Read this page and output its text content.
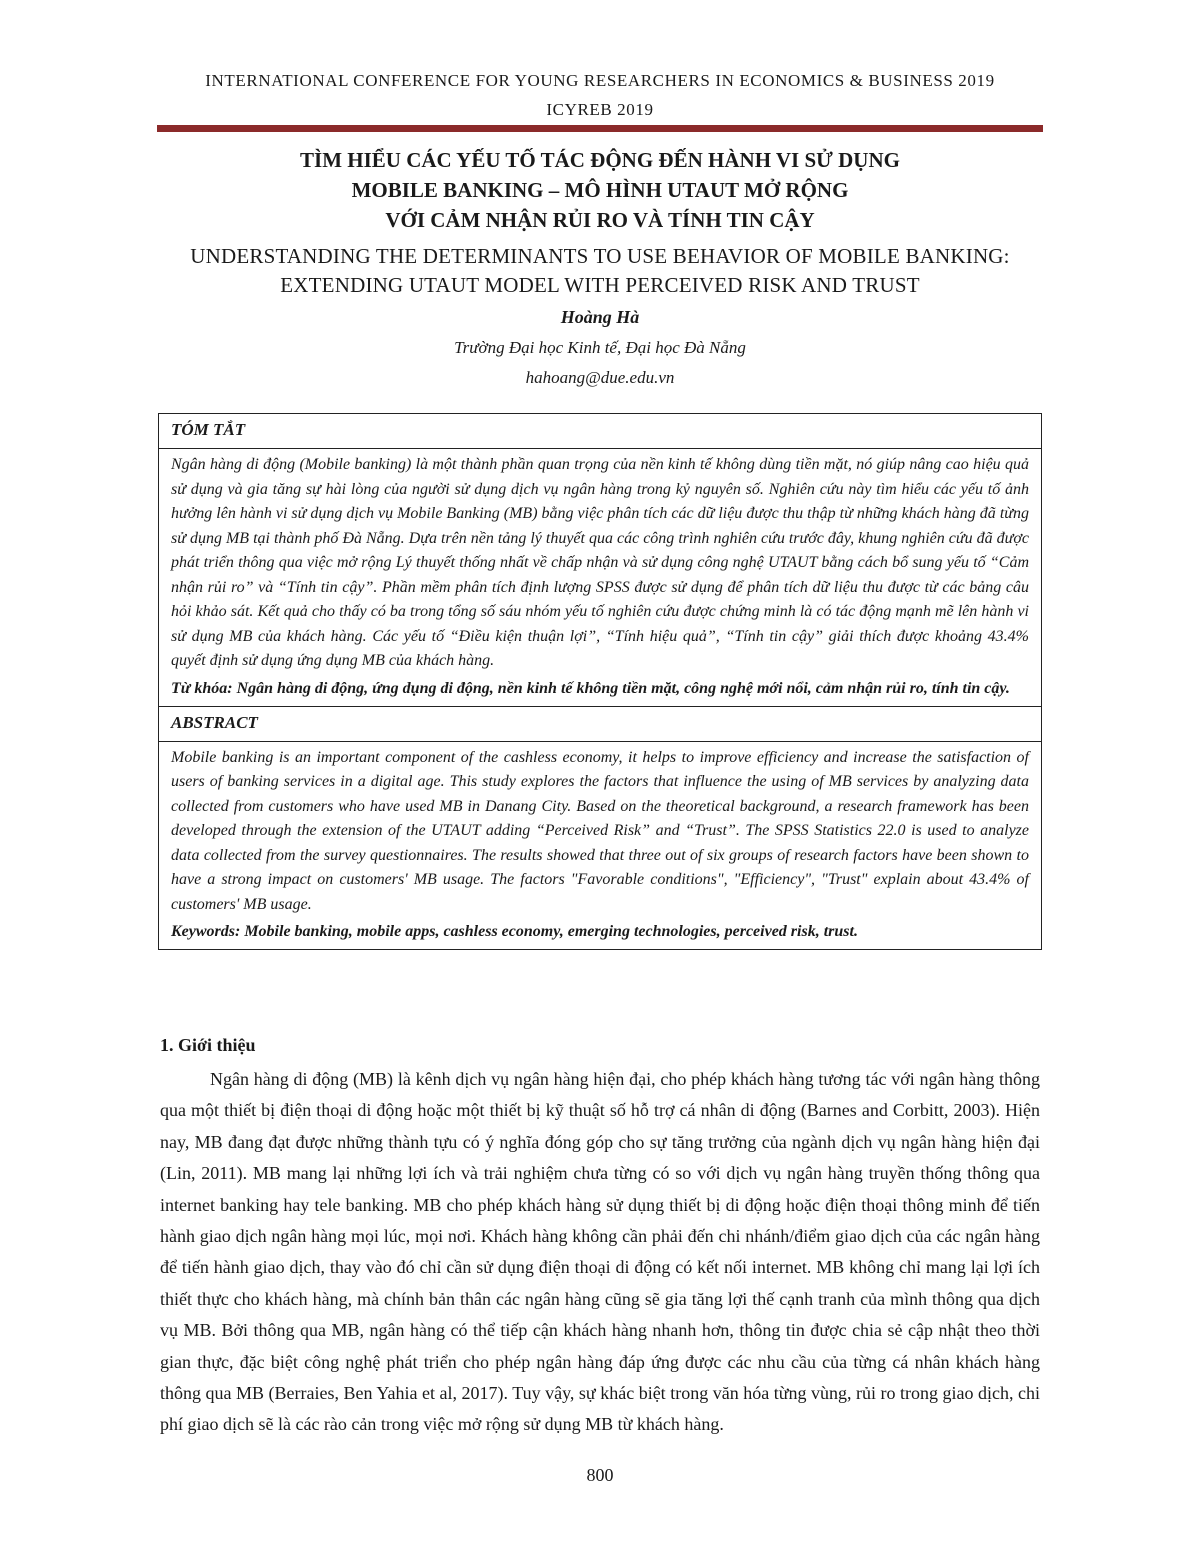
INTERNATIONAL CONFERENCE FOR YOUNG RESEARCHERS IN ECONOMICS & BUSINESS 2019
ICYREB 2019
TÌM HIỂU CÁC YẾU TỐ TÁC ĐỘNG ĐẾN HÀNH VI SỬ DỤNG
MOBILE BANKING – MÔ HÌNH UTAUT MỞ RỘNG
VỚI CẢM NHẬN RỦI RO VÀ TÍNH TIN CẬY
UNDERSTANDING THE DETERMINANTS TO USE BEHAVIOR OF MOBILE BANKING:
EXTENDING UTAUT MODEL WITH PERCEIVED RISK AND TRUST
Hoàng Hà
Trường Đại học Kinh tế, Đại học Đà Nẵng
hahoang@due.edu.vn
TÓM TẮT

Ngân hàng di động (Mobile banking) là một thành phần quan trọng của nền kinh tế không dùng tiền mặt, nó giúp nâng cao hiệu quả sử dụng và gia tăng sự hài lòng của người sử dụng dịch vụ ngân hàng trong kỷ nguyên số. Nghiên cứu này tìm hiểu các yếu tố ảnh hưởng lên hành vi sử dụng dịch vụ Mobile Banking (MB) bằng việc phân tích các dữ liệu được thu thập từ những khách hàng đã từng sử dụng MB tại thành phố Đà Nẵng. Dựa trên nền tảng lý thuyết qua các công trình nghiên cứu trước đây, khung nghiên cứu đã được phát triển thông qua việc mở rộng Lý thuyết thống nhất về chấp nhận và sử dụng công nghệ UTAUT bằng cách bổ sung yếu tố “Cảm nhận rủi ro” và “Tính tin cậy”. Phần mềm phân tích định lượng SPSS được sử dụng để phân tích dữ liệu thu được từ các bảng câu hỏi khảo sát. Kết quả cho thấy có ba trong tổng số sáu nhóm yếu tố nghiên cứu được chứng minh là có tác động mạnh mẽ lên hành vi sử dụng MB của khách hàng. Các yếu tố “Điều kiện thuận lợi”, “Tính hiệu quả”, “Tính tin cậy” giải thích được khoảng 43.4% quyết định sử dụng ứng dụng MB của khách hàng.

Từ khóa: Ngân hàng di động, ứng dụng di động, nền kinh tế không tiền mặt, công nghệ mới nổi, cảm nhận rủi ro, tính tin cậy.

ABSTRACT

Mobile banking is an important component of the cashless economy, it helps to improve efficiency and increase the satisfaction of users of banking services in a digital age. This study explores the factors that influence the using of MB services by analyzing data collected from customers who have used MB in Danang City. Based on the theoretical background, a research framework has been developed through the extension of the UTAUT adding “Perceived Risk” and “Trust”. The SPSS Statistics 22.0 is used to analyze data collected from the survey questionnaires. The results showed that three out of six groups of research factors have been shown to have a strong impact on customers' MB usage. The factors "Favorable conditions", "Efficiency", "Trust" explain about 43.4% of customers' MB usage.

Keywords: Mobile banking, mobile apps, cashless economy, emerging technologies, perceived risk, trust.

1. Giới thiệu

Ngân hàng di động (MB) là kênh dịch vụ ngân hàng hiện đại, cho phép khách hàng tương tác với ngân hàng thông qua một thiết bị điện thoại di động hoặc một thiết bị kỹ thuật số hỗ trợ cá nhân di động (Barnes and Corbitt, 2003). Hiện nay, MB đang đạt được những thành tựu có ý nghĩa đóng góp cho sự tăng trưởng của ngành dịch vụ ngân hàng hiện đại (Lin, 2011). MB mang lại những lợi ích và trải nghiệm chưa từng có so với dịch vụ ngân hàng truyền thống thông qua internet banking hay tele banking. MB cho phép khách hàng sử dụng thiết bị di động hoặc điện thoại thông minh để tiến hành giao dịch ngân hàng mọi lúc, mọi nơi. Khách hàng không cần phải đến chi nhánh/điểm giao dịch của các ngân hàng để tiến hành giao dịch, thay vào đó chỉ cần sử dụng điện thoại di động có kết nối internet. MB không chỉ mang lại lợi ích thiết thực cho khách hàng, mà chính bản thân các ngân hàng cũng sẽ gia tăng lợi thế cạnh tranh của mình thông qua dịch vụ MB. Bởi thông qua MB, ngân hàng có thể tiếp cận khách hàng nhanh hơn, thông tin được chia sẻ cập nhật theo thời gian thực, đặc biệt công nghệ phát triển cho phép ngân hàng đáp ứng được các nhu cầu của từng cá nhân khách hàng thông qua MB (Berraies, Ben Yahia et al, 2017). Tuy vậy, sự khác biệt trong văn hóa từng vùng, rủi ro trong giao dịch, chi phí giao dịch sẽ là các rào cản trong việc mở rộng sử dụng MB từ khách hàng.

800
